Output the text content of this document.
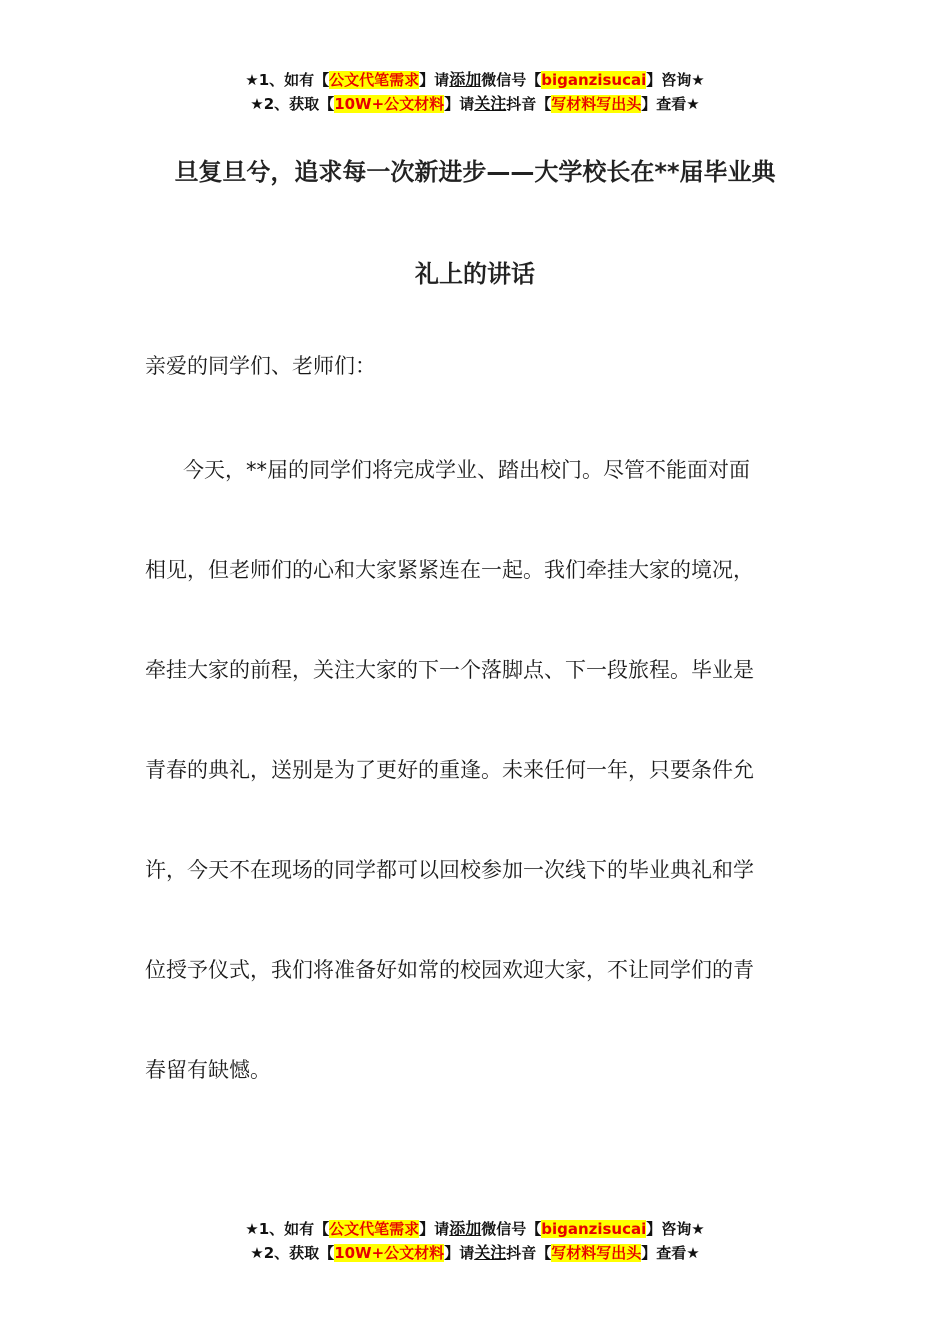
★1、如有【公文代笔需求】请添加微信号【biganzisucai】咨询★
★2、获取【10W+公文材料】请关注抖音【写材料写出头】查看★
旦复旦兮，追求每一次新进步——大学校长在**届毕业典
礼上的讲话
亲爱的同学们、老师们：
今天，**届的同学们将完成学业、踏出校门。尽管不能面对面
相见，但老师们的心和大家紧紧连在一起。我们牵挂大家的境况，
牵挂大家的前程，关注大家的下一个落脚点、下一段旅程。毕业是
青春的典礼，送别是为了更好的重逢。未来任何一年，只要条件允
许，今天不在现场的同学都可以回校参加一次线下的毕业典礼和学
位授予仪式，我们将准备好如常的校园欢迎大家，不让同学们的青
春留有缺憾。
★1、如有【公文代笔需求】请添加微信号【biganzisucai】咨询★
★2、获取【10W+公文材料】请关注抖音【写材料写出头】查看★
